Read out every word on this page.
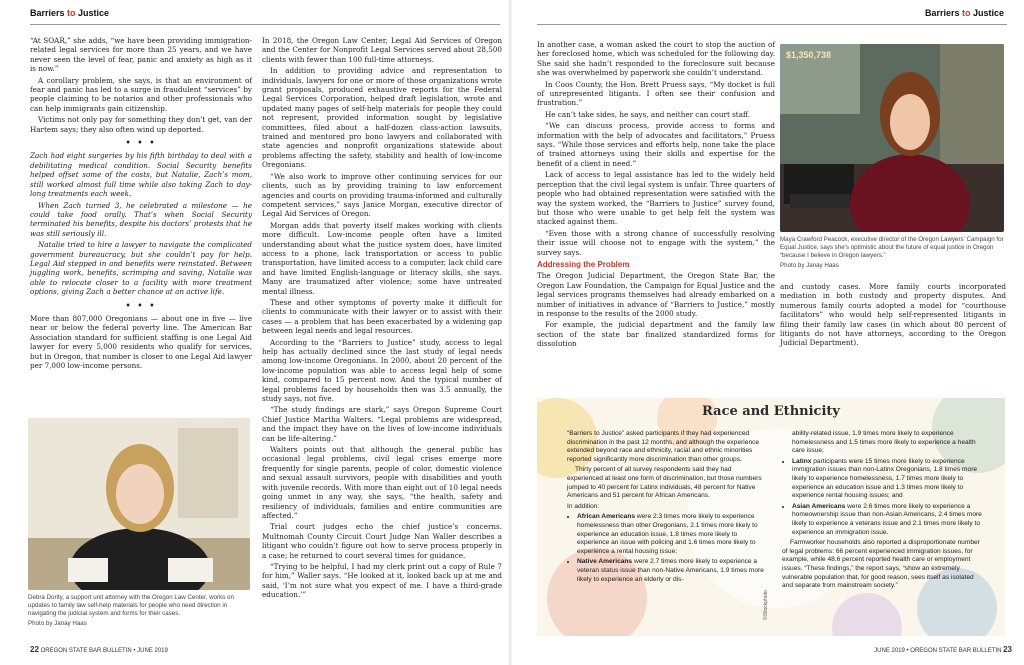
Barriers to Justice

“At SOAR,” she adds, “we have been providing immigration-related legal services for more than 25 years, and we have never seen the level of fear, panic and anxiety as high as it is now.”

A corollary problem, she says, is that an environment of fear and panic has led to a surge in fraudulent “services” by people claiming to be notarios and other professionals who can help immigrants gain citizenship.

Victims not only pay for something they don’t get, van der Hartem says; they also often wind up deported.

• • •

Zach had eight surgeries by his fifth birthday to deal with a debilitating medical condition. Social Security benefits helped offset some of the costs, but Natalie, Zach’s mom, still worked almost full time while also taking Zach to day-long treatments each week.

When Zach turned 3, he celebrated a milestone — he could take food orally. That’s when Social Security terminated his benefits, despite his doctors’ protests that he was still seriously ill.

Natalie tried to hire a lawyer to navigate the complicated government bureaucracy, but she couldn’t pay for help. Legal Aid stepped in and benefits were reinstated. Between juggling work, benefits, scrimping and saving, Natalie was able to relocate closer to a facility with more treatment options, giving Zach a better chance at an active life.

• • •

More than 807,000 Oregonians — about one in five — live near or below the federal poverty line. The American Bar Association standard for sufficient staffing is one Legal Aid lawyer for every 5,000 residents who qualify for services, but in Oregon, that number is closer to one Legal Aid lawyer per 7,000 low-income persons.

Debra Dority, a support unit attorney with the Oregon Law Center, works on updates to family law self-help materials for people who need direction in navigating the judicial system and forms for their cases.
Photo by Janay Haas

In 2018, the Oregon Law Center, Legal Aid Services of Oregon and the Center for Nonprofit Legal Services served about 28,500 clients with fewer than 100 full-time attorneys.

In addition to providing advice and representation to individuals, lawyers for one or more of those organizations wrote grant proposals, produced exhaustive reports for the Federal Legal Services Corporation, helped draft legislation, wrote and updated many pages of self-help materials for people they could not represent, provided information sought by legislative committees, filed about a half-dozen class-action lawsuits, trained and mentored pro bono lawyers and collaborated with state agencies and nonprofit organizations statewide about problems affecting the safety, stability and health of low-income Oregonians.

“We also work to improve other continuing services for our clients, such as by providing training to law enforcement agencies and courts on providing trauma-informed and culturally competent services,” says Janice Morgan, executive director of Legal Aid Services of Oregon.

Morgan adds that poverty itself makes working with clients more difficult. Low-income people often have a limited understanding about what the justice system does, have limited access to a phone, lack transportation or access to public transportation, have limited access to a computer, lack child care and have limited English-language or literacy skills, she says. Many are traumatized after violence; some have untreated mental illness.

These and other symptoms of poverty make it difficult for clients to communicate with their lawyer or to assist with their cases — a problem that has been exacerbated by a widening gap between legal needs and legal resources.

According to the “Barriers to Justice” study, access to legal help has actually declined since the last study of legal needs among low-income Oregonians. In 2000, about 20 percent of the low-income population was able to access legal help of some kind, compared to 15 percent now. And the typical number of legal problems faced by households then was 3.5 annually, the study says, not five.

“The study findings are stark,” says Oregon Supreme Court Chief Justice Martha Walters. “Legal problems are widespread, and the impact they have on the lives of low-income individuals can be life-altering.”

Walters points out that although the general public has occasional legal problems, civil legal crises emerge more frequently for single parents, people of color, domestic violence and sexual assault survivors, people with disabilities and youth with juvenile records. With more than eight out of 10 legal needs going unmet in any way, she says, “the health, safety and resiliency of individuals, families and entire communities are affected.”

Trial court judges echo the chief justice’s concerns. Multnomah County Circuit Court Judge Nan Waller describes a litigant who couldn’t figure out how to serve process properly in a case; he returned to court several times for guidance.

“Trying to be helpful, I had my clerk print out a copy of Rule 7 for him,” Waller says. “He looked at it, looked back up at me and said, ‘I’m not sure what you expect of me. I have a third-grade education.’”

22 OREGON STATE BAR BULLETIN • JUNE 2019
Barriers to Justice

In another case, a woman asked the court to stop the auction of her foreclosed home, which was scheduled for the following day. She said she hadn’t responded to the foreclosure suit because she was overwhelmed by paperwork she couldn’t understand.

In Coos County, the Hon. Brett Pruess says, “My docket is full of unrepresented litigants. I often see their confusion and frustration.”

He can’t take sides, he says, and neither can court staff.

“We can discuss process, provide access to forms and information with the help of advocates and facilitators,” Pruess says. “While those services and efforts help, none take the place of trained attorneys using their skills and expertise for the benefit of a client in need.”

Lack of access to legal assistance has led to the widely held perception that the civil legal system is unfair. Three quarters of people who had obtained representation were satisfied with the way the system worked, the “Barriers to Justice” survey found, but those who were unable to get help felt the system was stacked against them.

“Even those with a strong chance of successfully resolving their issue will choose not to engage with the system,” the survey says.

Addressing the Problem

The Oregon Judicial Department, the Oregon State Bar, the Oregon Law Foundation, the Campaign for Equal Justice and the legal services programs themselves had already embarked on a number of initiatives in advance of “Barriers to Justice,” mostly in response to the results of the 2000 study.

For example, the judicial department and the family law section of the state bar finalized standardized forms for dissolution

$1,350,738
Maya Crawford Peacock, executive director of the Oregon Lawyers’ Campaign for Equal Justice, says she’s optimistic about the future of equal justice in Oregon “because I believe in Oregon lawyers.”
Photo by Janay Haas

and custody cases. More family courts incorporated mediation in both custody and property disputes. And numerous family courts adopted a model for “courthouse facilitators” who would help self-represented litigants in filing their family law cases (in which about 80 percent of litigants do not have attorneys, according to the Oregon Judicial Department).

JUNE 2019 • OREGON STATE BAR BULLETIN 23
Race and Ethnicity

“Barriers to Justice” asked participants if they had experienced discrimination in the past 12 months, and although the experience extended beyond race and ethnicity, racial and ethnic minorities reported significantly more discrimination than other groups.

Thirty percent of all survey respondents said they had experienced at least one form of discrimination, but those numbers jumped to 40 percent for Latinx individuals, 48 percent for Native Americans and 51 percent for African Americans.

In addition:

• African Americans were 2.3 times more likely to experience homelessness than other Oregonians, 2.1 times more likely to experience an education issue, 1.8 times more likely to experience an issue with policing and 1.6 times more likely to experience a rental housing issue;
• Native Americans were 2.7 times more likely to experience a veteran status issue than non-Native Americans, 1.9 times more likely to experience an elderly or dis-

ability-related issue, 1.9 times more likely to experience homelessness and 1.5 times more likely to experience a health care issue;

• Latinx participants were 15 times more likely to experience immigration issues than non-Latinx Oregonians, 1.8 times more likely to experience homelessness, 1.7 times more likely to experience an education issue and 1.3 times more likely to experience rental housing issues; and
• Asian Americans were 2.6 times more likely to experience a homeownership issue than non-Asian Americans, 2.4 times more likely to experience a veterans issue and 2.1 times more likely to experience an immigration issue.

Farmworker households also reported a disproportionate number of legal problems: 66 percent experienced immigration issues, for example, while 48.6 percent reported health care or employment issues. “These findings,” the report says, “show an extremely vulnerable population that, for good reason, sees itself as isolated and separate from mainstream society.”

©iStockphoto
